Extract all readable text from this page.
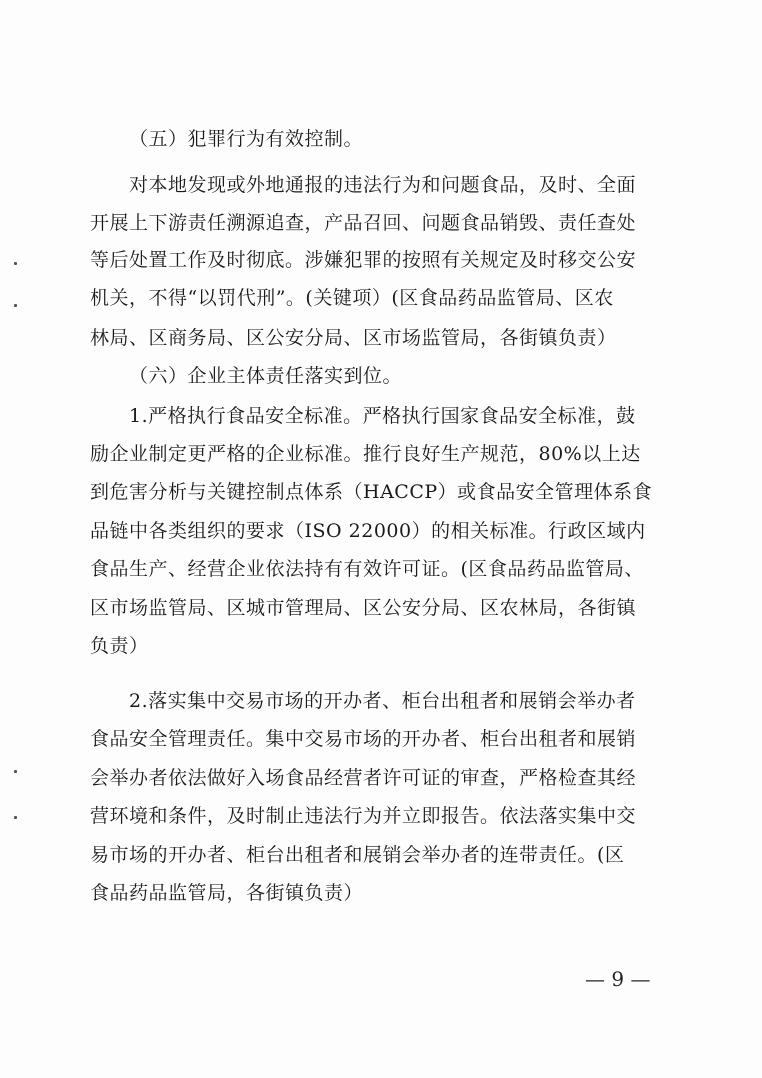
（五）犯罪行为有效控制。
对本地发现或外地通报的违法行为和问题食品，及时、全面
开展上下游责任溯源追查，产品召回、问题食品销毁、责任查处
等后处置工作及时彻底。涉嫌犯罪的按照有关规定及时移交公安
机关，不得“以罚代刑”。(关键项）(区食品药品监管局、区农
林局、区商务局、区公安分局、区市场监管局，各街镇负责）
（六）企业主体责任落实到位。
1.严格执行食品安全标准。严格执行国家食品安全标准，鼓
励企业制定更严格的企业标准。推行良好生产规范，80%以上达
到危害分析与关键控制点体系（HACCP）或食品安全管理体系食
品链中各类组织的要求（ISO 22000）的相关标准。行政区域内
食品生产、经营企业依法持有有效许可证。(区食品药品监管局、
区市场监管局、区城市管理局、区公安分局、区农林局，各街镇
负责）
2.落实集中交易市场的开办者、柜台出租者和展销会举办者
食品安全管理责任。集中交易市场的开办者、柜台出租者和展销
会举办者依法做好入场食品经营者许可证的审查，严格检查其经
营环境和条件，及时制止违法行为并立即报告。依法落实集中交
易市场的开办者、柜台出租者和展销会举办者的连带责任。(区
食品药品监管局，各街镇负责）
— 9 —
